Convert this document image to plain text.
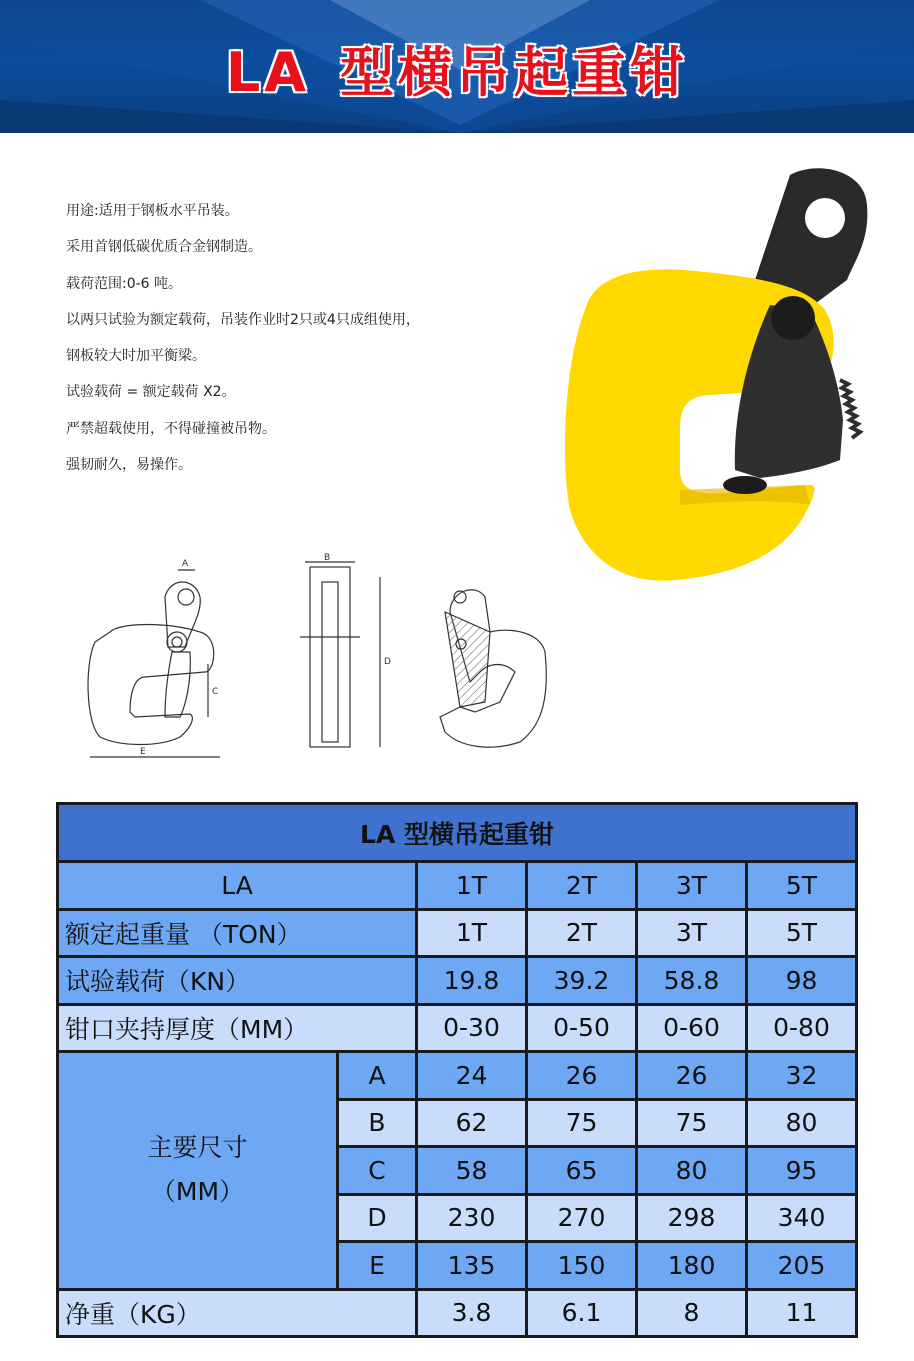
LA 型横吊起重钳

用途:适用于钢板水平吊装。

采用首钢低碳优质合金钢制造。

载荷范围:0-6 吨。

以两只试验为额定载荷，吊装作业时2只或4只成组使用，

钢板较大时加平衡梁。

试验载荷 = 额定载荷 X2。

严禁超载使用，不得碰撞被吊物。

强韧耐久，易操作。

A
B
C
D
E
LA 型横吊起重钳					
LA		1T	2T	3T	5T
额定起重量 （TON）		1T	2T	3T	5T
试验载荷（KN）		19.8	39.2	58.8	98
钳口夹持厚度（MM）		0-30	0-50	0-60	0-80

主要尺寸
（MM）	A	24	26	26	32
	B	62	75	75	80
	C	58	65	80	95
	D	230	270	298	340
	E	135	150	180	205
净重（KG）		3.8	6.1	8	11
